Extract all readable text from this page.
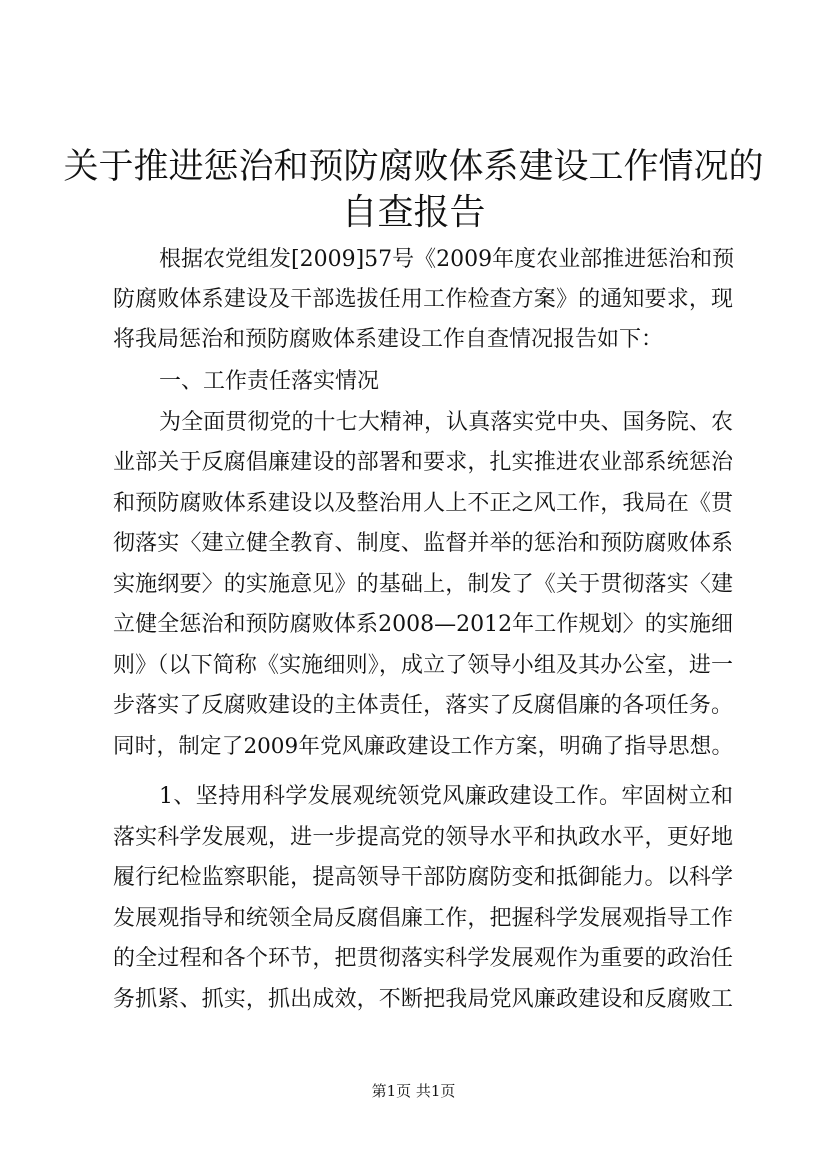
关于推进惩治和预防腐败体系建设工作情况的
自查报告
根据农党组发[2009]57号《2009年度农业部推进惩治和预
防腐败体系建设及干部选拔任用工作检查方案》的通知要求，现
将我局惩治和预防腐败体系建设工作自查情况报告如下：
一、工作责任落实情况
为全面贯彻党的十七大精神，认真落实党中央、国务院、农
业部关于反腐倡廉建设的部署和要求，扎实推进农业部系统惩治
和预防腐败体系建设以及整治用人上不正之风工作，我局在《贯
彻落实〈建立健全教育、制度、监督并举的惩治和预防腐败体系
实施纲要〉的实施意见》的基础上，制发了《关于贯彻落实〈建
立健全惩治和预防腐败体系2008—2012年工作规划〉的实施细
则》（以下简称《实施细则》，成立了领导小组及其办公室，进一
步落实了反腐败建设的主体责任，落实了反腐倡廉的各项任务。
同时，制定了2009年党风廉政建设工作方案，明确了指导思想。
1、坚持用科学发展观统领党风廉政建设工作。牢固树立和
落实科学发展观，进一步提高党的领导水平和执政水平，更好地
履行纪检监察职能，提高领导干部防腐防变和抵御能力。以科学
发展观指导和统领全局反腐倡廉工作，把握科学发展观指导工作
的全过程和各个环节，把贯彻落实科学发展观作为重要的政治任
务抓紧、抓实，抓出成效，不断把我局党风廉政建设和反腐败工
第1页 共1页
